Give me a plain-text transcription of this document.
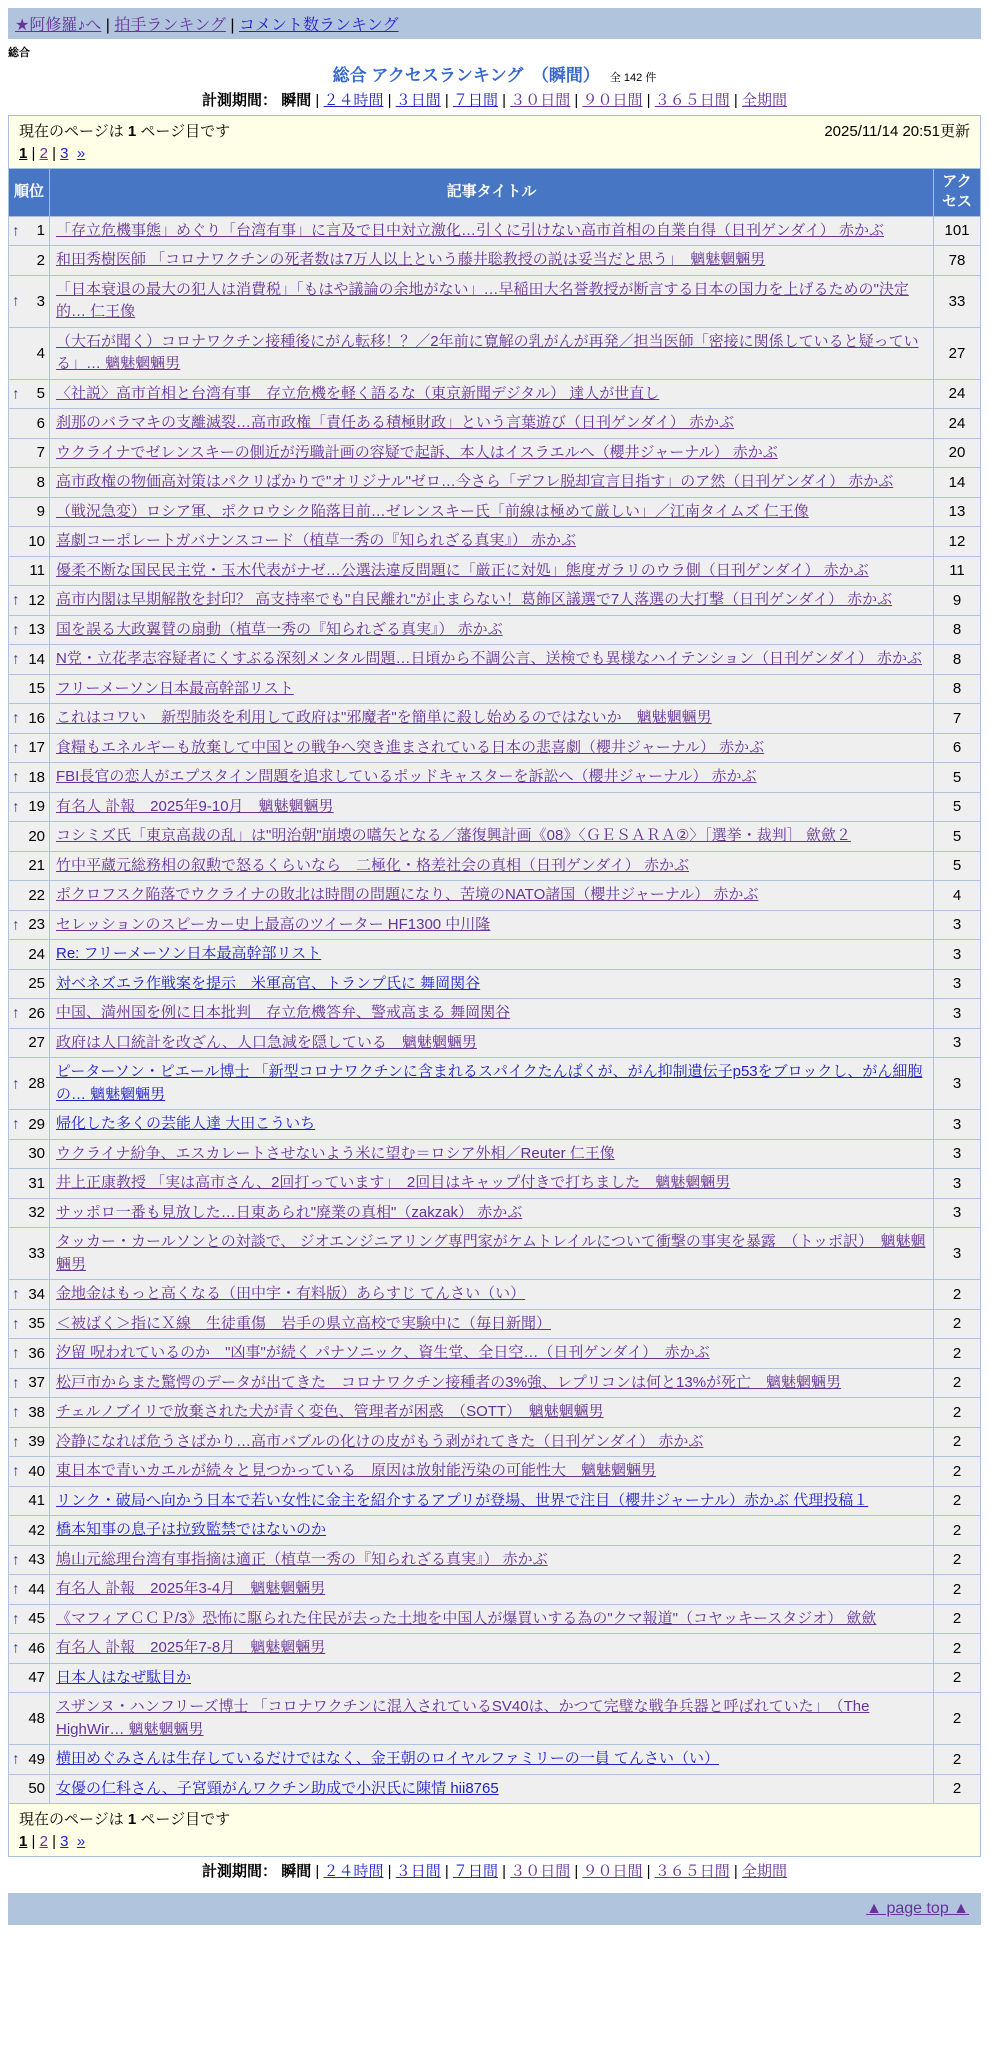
★阿修羅♪へ | 拍手ランキング | コメント数ランキング
総合
総合 アクセスランキング　（瞬間） 全 142 件
計測期間： 瞬間 | ２４時間 | ３日間 | ７日間 | ３０日間 | ９０日間 | ３６５日間 | 全期間
現在のページは 1 ページ目です 2025/11/14 20:51更新
1 | 2 | 3 »		

順位	記事タイトル	アクセス

↑ 1	「存立危機事態」めぐり「台湾有事」に言及で日中対立激化…引くに引けない高市首相の自業自得（日刊ゲンダイ） 赤かぶ	101
2	和田秀樹医師 「コロナワクチンの死者数は7万人以上という藤井聡教授の説は妥当だと思う」　魑魅魍魎男	78

↑ 3	「日本衰退の最大の犯人は消費税」「もはや議論の余地がない」…早稲田大名誉教授が断言する日本の国力を上げるための"決定的… 仁王像	33
4	（大石が聞く）コロナワクチン接種後にがん転移！？／2年前に寛解の乳がんが再発／担当医師「密接に関係していると疑っている」… 魑魅魍魎男	27

↑ 5	〈社説〉高市首相と台湾有事　存立危機を軽く語るな（東京新聞デジタル） 達人が世直し	24
6	刹那のバラマキの支離滅裂…高市政権「責任ある積極財政」という言葉遊び（日刊ゲンダイ） 赤かぶ	24
7	ウクライナでゼレンスキーの側近が汚職計画の容疑で起訴、本人はイスラエルへ（櫻井ジャーナル） 赤かぶ	20
8	高市政権の物価高対策はパクリばかりで"オリジナル"ゼロ…今さら「デフレ脱却宣言目指す」のア然（日刊ゲンダイ） 赤かぶ	14
9	（戦況急変）ロシア軍、ポクロウシク陥落目前…ゼレンスキー氏「前線は極めて厳しい」／江南タイムズ 仁王像	13
10	喜劇コーポレートガバナンスコード（植草一秀の『知られざる真実』） 赤かぶ	12
11	優柔不断な国民民主党・玉木代表がナゼ…公選法違反問題に「厳正に対処」態度ガラリのウラ側（日刊ゲンダイ） 赤かぶ	11

↑ 12	高市内閣は早期解散を封印？ 高支持率でも"自民離れ"が止まらない！葛飾区議選で7人落選の大打撃（日刊ゲンダイ） 赤かぶ	9

↑ 13	国を誤る大政翼賛の扇動（植草一秀の『知られざる真実』） 赤かぶ	8

↑ 14	N党・立花孝志容疑者にくすぶる深刻メンタル問題…日頃から不調公言、送検でも異様なハイテンション（日刊ゲンダイ） 赤かぶ	8
15	フリーメーソン日本最高幹部リスト	8

↑ 16	これはコワい　新型肺炎を利用して政府は"邪魔者"を簡単に殺し始めるのではないか　魑魅魍魎男	7

↑ 17	食糧もエネルギーも放棄して中国との戦争へ突き進まされている日本の悲喜劇（櫻井ジャーナル） 赤かぶ	6

↑ 18	FBI長官の恋人がエプスタイン問題を追求しているポッドキャスターを訴訟へ（櫻井ジャーナル） 赤かぶ	5

↑ 19	有名人 訃報　2025年9-10月　魑魅魍魎男	5
20	コシミズ氏「東京高裁の乱」は"明治朝"崩壊の嚆矢となる／藩復興計画《08》〈ＧＥＳＡＲＡ②〉［選挙・裁判］ 歛歛２	5
21	竹中平蔵元総務相の叙勲で怒るくらいなら　二極化・格差社会の真相（日刊ゲンダイ） 赤かぶ	5
22	ポクロフスク陥落でウクライナの敗北は時間の問題になり、苦境のNATO諸国（櫻井ジャーナル） 赤かぶ	4

↑ 23	セレッションのスピーカー史上最高のツイーター HF1300 中川隆	3
24	Re: フリーメーソン日本最高幹部リスト	3
25	対ベネズエラ作戦案を提示　米軍高官、トランプ氏に 舞岡関谷	3

↑ 26	中国、満州国を例に日本批判　存立危機答弁、警戒高まる 舞岡関谷	3
27	政府は人口統計を改ざん、人口急減を隠している　魑魅魍魎男	3

↑ 28	ピーターソン・ピエール博士 「新型コロナワクチンに含まれるスパイクたんぱくが、がん抑制遺伝子p53をブロックし、がん細胞の… 魑魅魍魎男	3

↑ 29	帰化した多くの芸能人達 大田こういち	3
30	ウクライナ紛争、エスカレートさせないよう米に望む＝ロシア外相／Reuter 仁王像	3
31	井上正康教授 「実は高市さん、2回打っています」　2回目はキャップ付きで打ちました　魑魅魍魎男	3
32	サッポロ一番も見放した…日東あられ"廃業の真相"（zakzak） 赤かぶ	3
33	タッカー・カールソンとの対談で、 ジオエンジニアリング専門家がケムトレイルについて衝撃の事実を暴露　（トッポ訳）　魑魅魍魎男	3

↑ 34	金地金はもっと高くなる（田中宇・有料版）あらすじ てんさい（い）	2

↑ 35	＜被ばく＞指にＸ線　生徒重傷　岩手の県立高校で実験中に（毎日新聞）	2

↑ 36	汐留 呪われているのか　"凶事"が続く パナソニック、資生堂、全日空…（日刊ゲンダイ）　赤かぶ	2

↑ 37	松戸市からまた驚愕のデータが出てきた　コロナワクチン接種者の3%強、レプリコンは何と13%が死亡　魑魅魍魎男	2

↑ 38	チェルノブイリで放棄された犬が青く変色、管理者が困惑　（SOTT）　魑魅魍魎男	2

↑ 39	冷静になれば危うさばかり…高市バブルの化けの皮がもう剥がれてきた（日刊ゲンダイ） 赤かぶ	2

↑ 40	東日本で青いカエルが続々と見つかっている　原因は放射能汚染の可能性大　魑魅魍魎男	2
41	リンク・破局へ向かう日本で若い女性に金主を紹介するアプリが登場、世界で注目（櫻井ジャーナル）赤かぶ 代理投稿１	2
42	橋本知事の息子は拉致監禁ではないのか	2

↑ 43	鳩山元総理台湾有事指摘は適正（植草一秀の『知られざる真実』） 赤かぶ	2

↑ 44	有名人 訃報　2025年3-4月　魑魅魍魎男	2

↑ 45	《マフィアＣＣＰ/3》恐怖に駆られた住民が去った土地を中国人が爆買いする為の"クマ報道"（コヤッキースタジオ） 歛歛	2

↑ 46	有名人 訃報　2025年7-8月　魑魅魍魎男	2
47	日本人はなぜ駄目か	2
48	スザンヌ・ハンフリーズ博士 「コロナワクチンに混入されているSV40は、かつて完璧な戦争兵器と呼ばれていた」　（The HighWir… 魑魅魍魎男	2

↑ 49	横田めぐみさんは生存しているだけではなく、金王朝のロイヤルファミリーの一員 てんさい（い）	2
50	女優の仁科さん、子宮頸がんワクチン助成で小沢氏に陳情 hii8765	2

現在のページは 1 ページ目です
1 | 2 | 3 »		
計測期間： 瞬間 | ２４時間 | ３日間 | ７日間 | ３０日間 | ９０日間 | ３６５日間 | 全期間
▲ page top ▲
